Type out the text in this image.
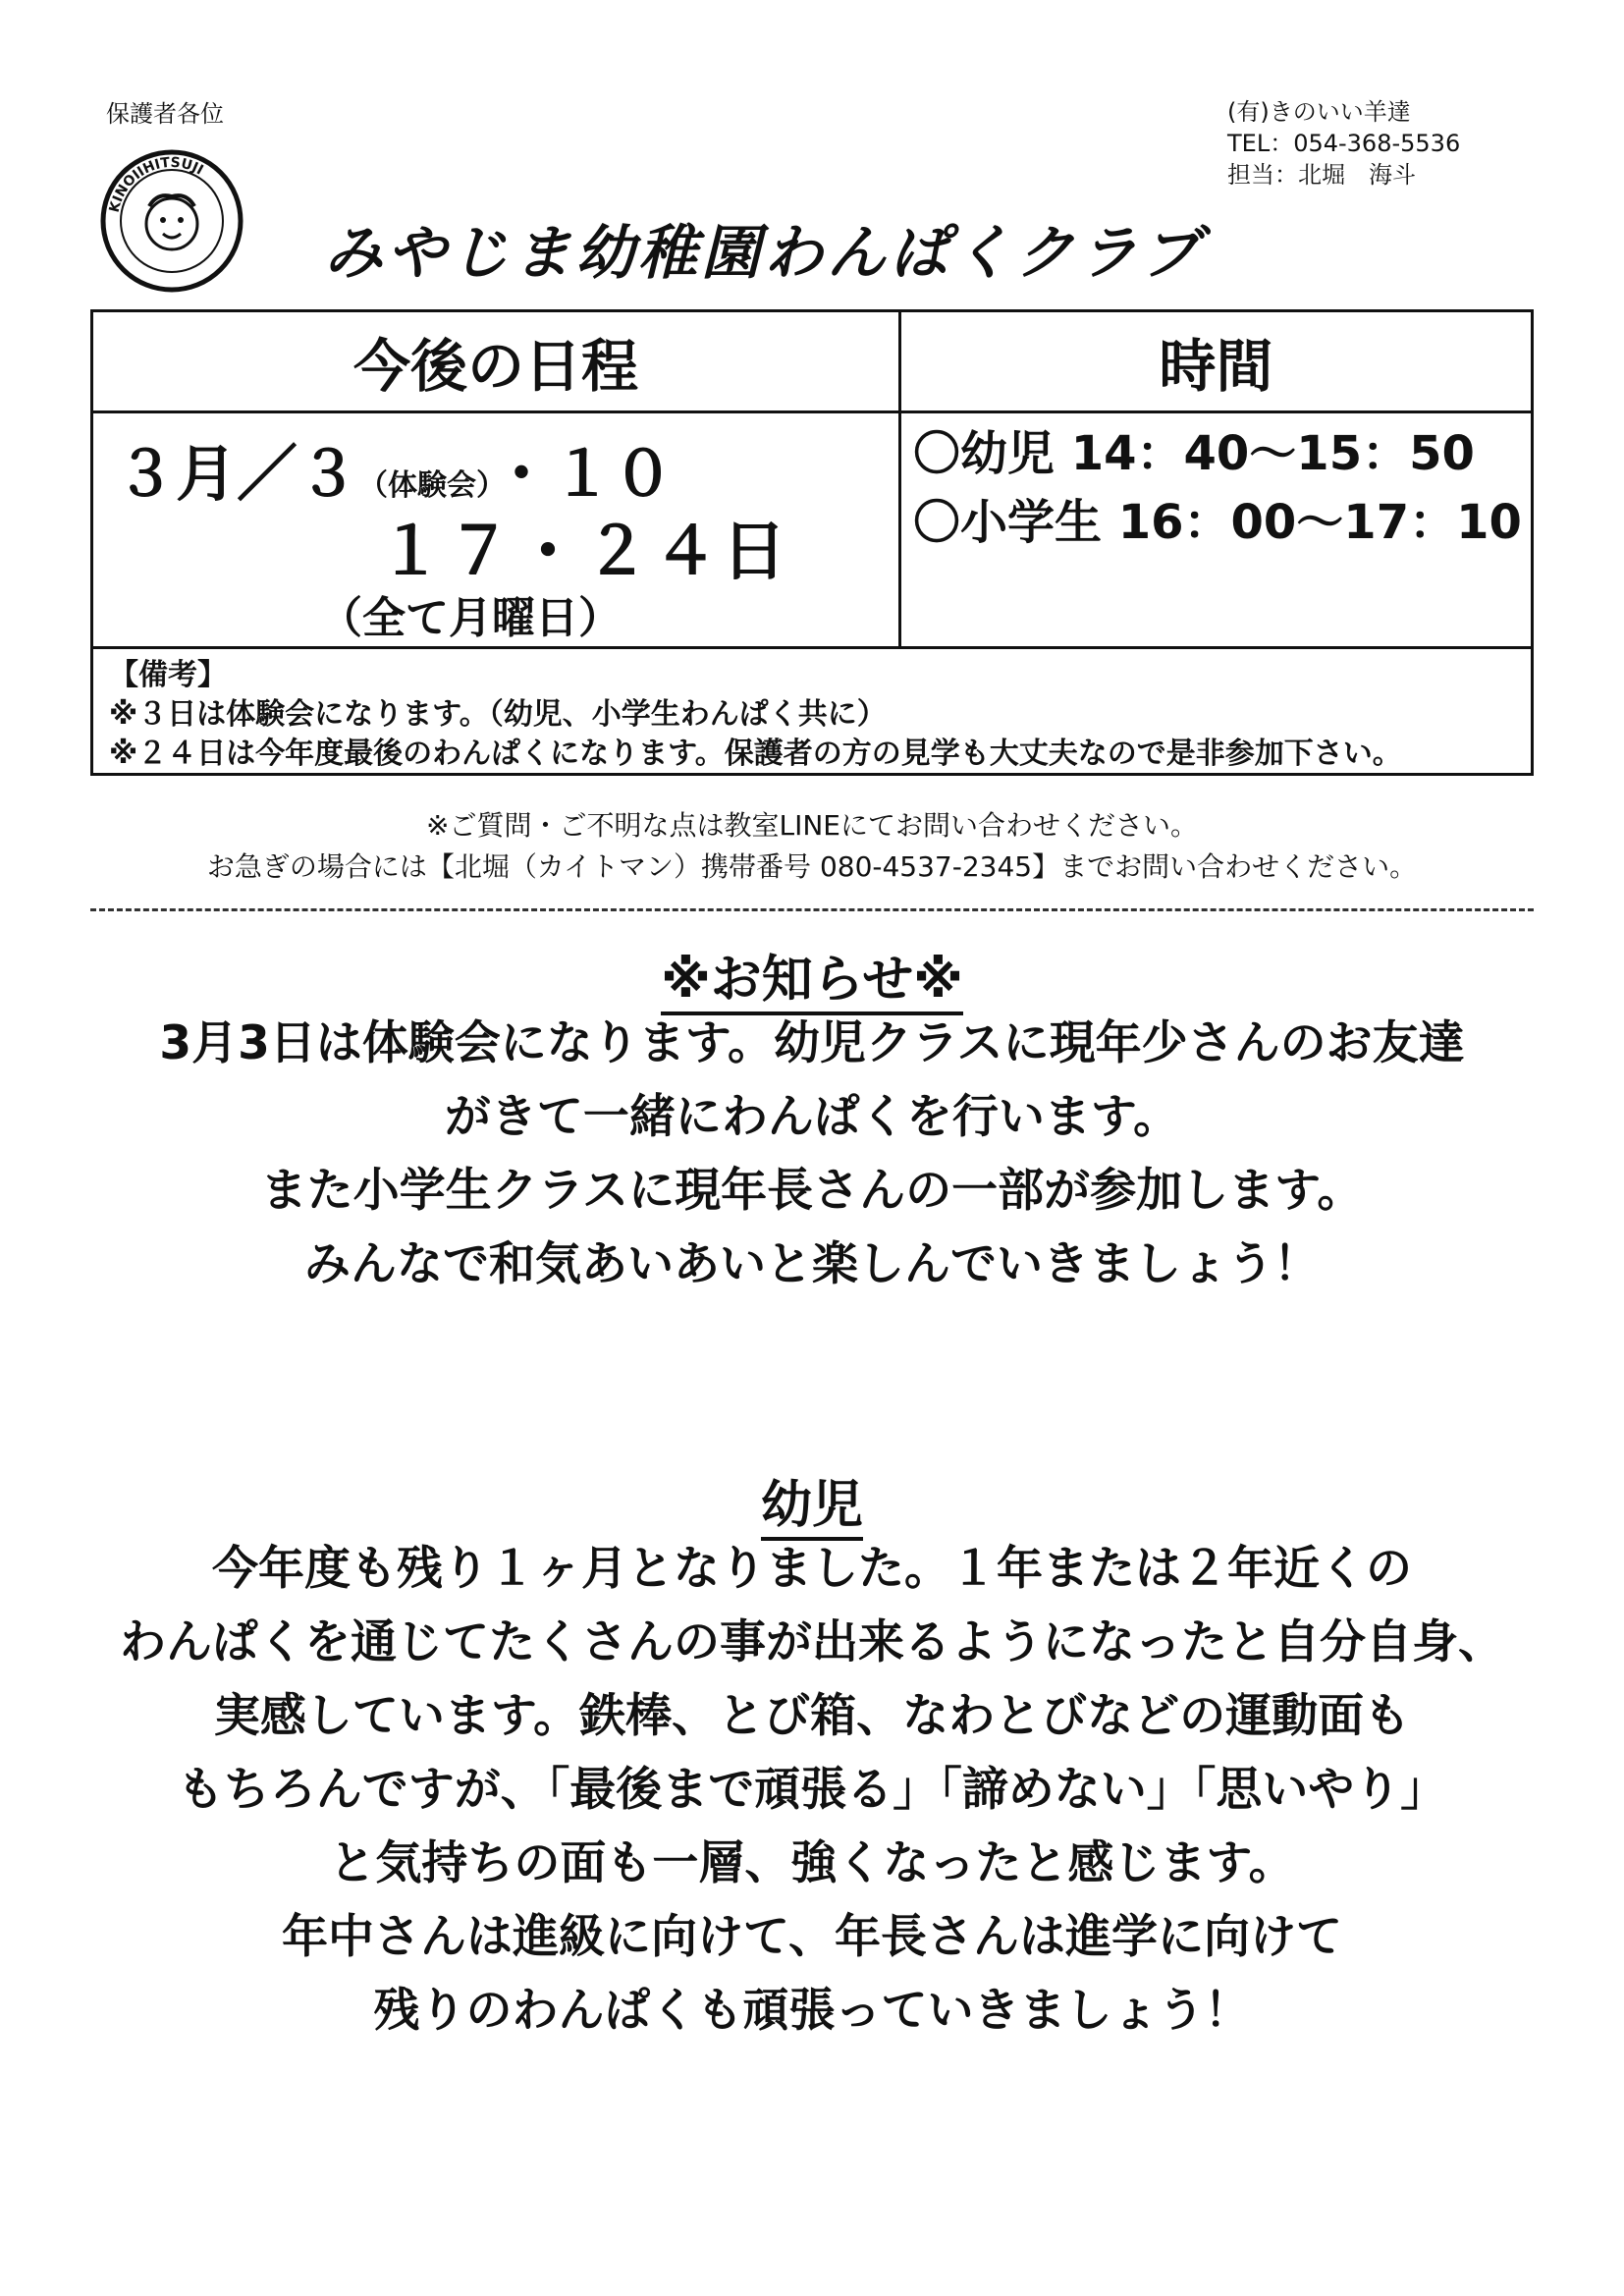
保護者各位	(有)きのいい羊達
TEL：054-368-5536
担当：北堀　海斗
KINOIIHITSUJI
みやじま幼稚園わんぱくクラブ
今後の日程	時間
３月／３（体験会）・１０
１７・２４日
（全て月曜日）
〇幼児 14：40～15：50
〇小学生 16：00～17：10
【備考】
※３日は体験会になります。（幼児、小学生わんぱく共に）
※２４日は今年度最後のわんぱくになります。保護者の方の見学も大丈夫なので是非参加下さい。
※ご質問・ご不明な点は教室LINEにてお問い合わせください。
お急ぎの場合には【北堀（カイトマン）携帯番号 080-4537-2345】までお問い合わせください。
※お知らせ※
3月3日は体験会になります。幼児クラスに現年少さんのお友達
がきて一緒にわんぱくを行います。
また小学生クラスに現年長さんの一部が参加します。
みんなで和気あいあいと楽しんでいきましょう！
幼児
今年度も残り１ヶ月となりました。１年または２年近くの
わんぱくを通じてたくさんの事が出来るようになったと自分自身、
実感しています。鉄棒、とび箱、なわとびなどの運動面も
もちろんですが、「最後まで頑張る」「諦めない」「思いやり」
と気持ちの面も一層、強くなったと感じます。
年中さんは進級に向けて、年長さんは進学に向けて
残りのわんぱくも頑張っていきましょう！
